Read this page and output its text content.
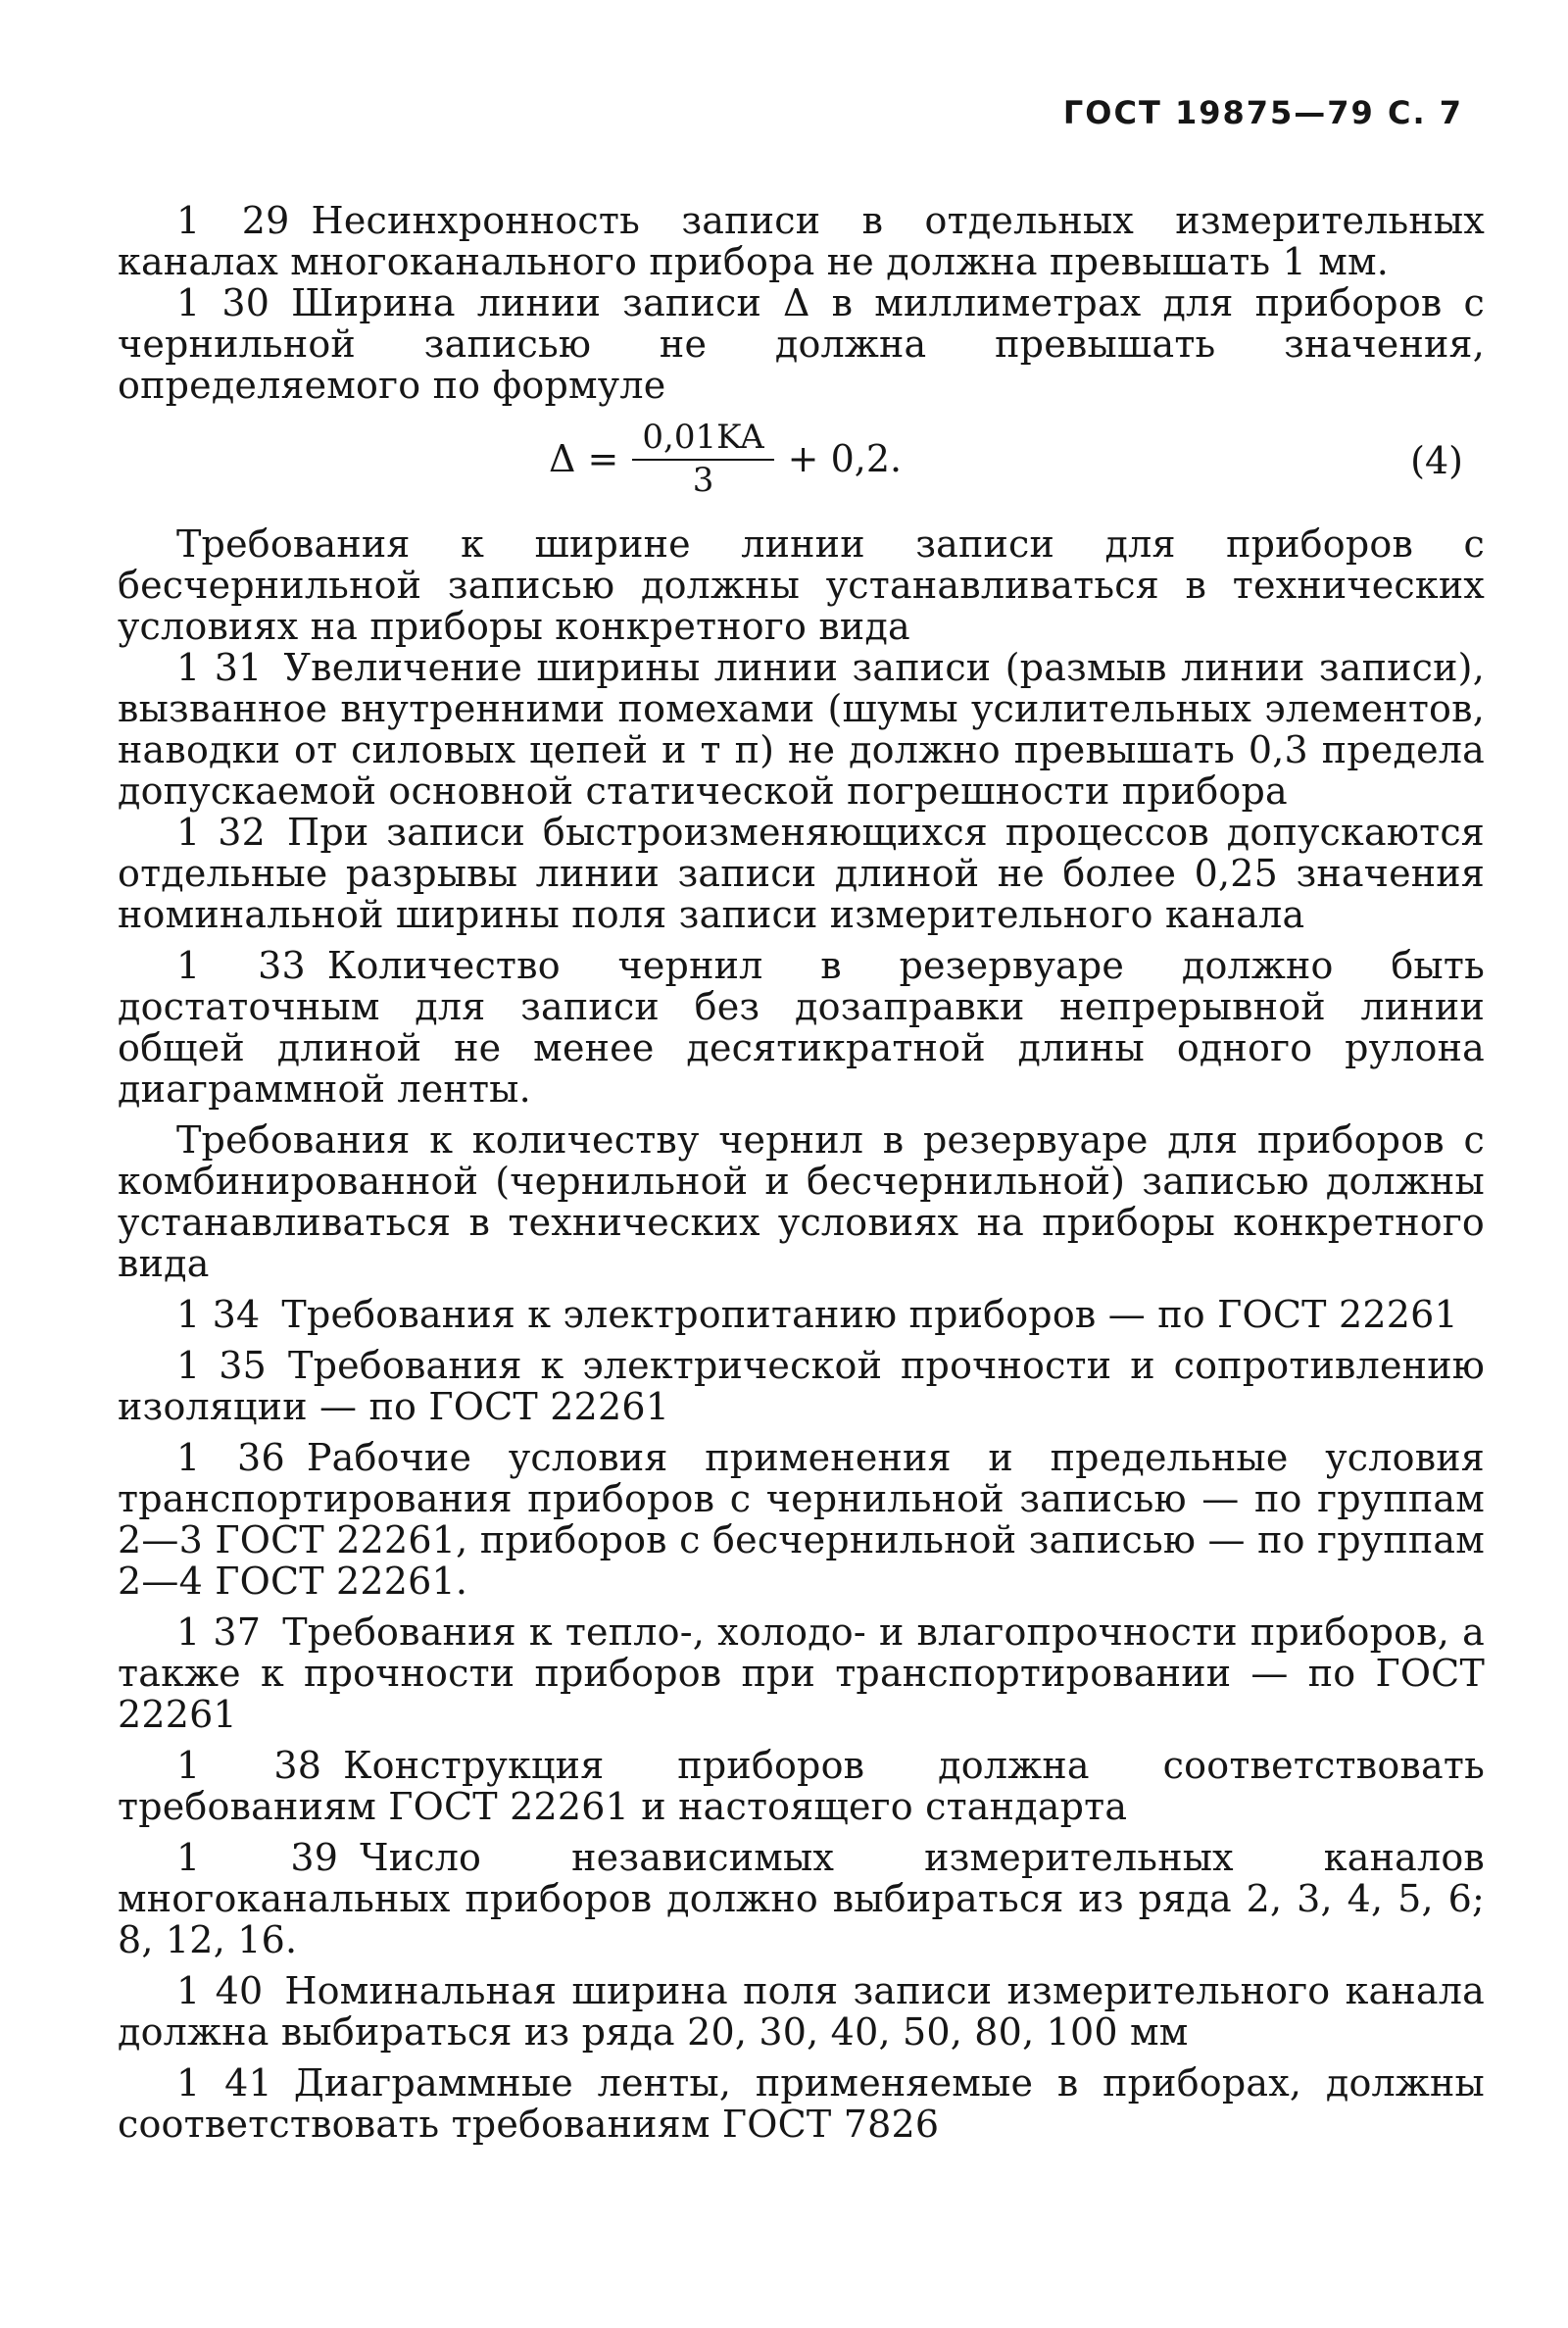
ГОСТ 19875—79 С. 7

1 29 Несинхронность записи в отдельных измерительных каналах многоканального прибора не должна превышать 1 мм.

1 30 Ширина линии записи Δ в миллиметрах для приборов с чернильной записью не должна превышать значения, определяемого по формуле

$\Delta = \frac{0,01KA}{3} + 0,2$.	(4)

Требования к ширине линии записи для приборов с бесчернильной записью должны устанавливаться в технических условиях на приборы конкретного вида

1 31 Увеличение ширины линии записи (размыв линии записи), вызванное внутренними помехами (шумы усилительных элементов, наводки от силовых цепей и т п) не должно превышать 0,3 предела допускаемой основной статической погрешности прибора

1 32 При записи быстроизменяющихся процессов допускаются отдельные разрывы линии записи длиной не более 0,25 значения номинальной ширины поля записи измерительного канала

1 33 Количество чернил в резервуаре должно быть достаточным для записи без дозаправки непрерывной линии общей длиной не менее десятикратной длины одного рулона диаграммной ленты.

Требования к количеству чернил в резервуаре для приборов с комбинированной (чернильной и бесчернильной) записью должны устанавливаться в технических условиях на приборы конкретного вида

1 34 Требования к электропитанию приборов — по ГОСТ 22261

1 35 Требования к электрической прочности и сопротивлению изоляции — по ГОСТ 22261

1 36 Рабочие условия применения и предельные условия транспортирования приборов с чернильной записью — по группам 2—3 ГОСТ 22261, приборов с бесчернильной записью — по группам 2—4 ГОСТ 22261.

1 37 Требования к тепло-, холодо- и влагопрочности приборов, а также к прочности приборов при транспортировании — по ГОСТ 22261

1 38 Конструкция приборов должна соответствовать требованиям ГОСТ 22261 и настоящего стандарта

1 39 Число независимых измерительных каналов многоканальных приборов должно выбираться из ряда 2, 3, 4, 5, 6; 8, 12, 16.

1 40 Номинальная ширина поля записи измерительного канала должна выбираться из ряда 20, 30, 40, 50, 80, 100 мм

1 41 Диаграммные ленты, применяемые в приборах, должны соответствовать требованиям ГОСТ 7826
